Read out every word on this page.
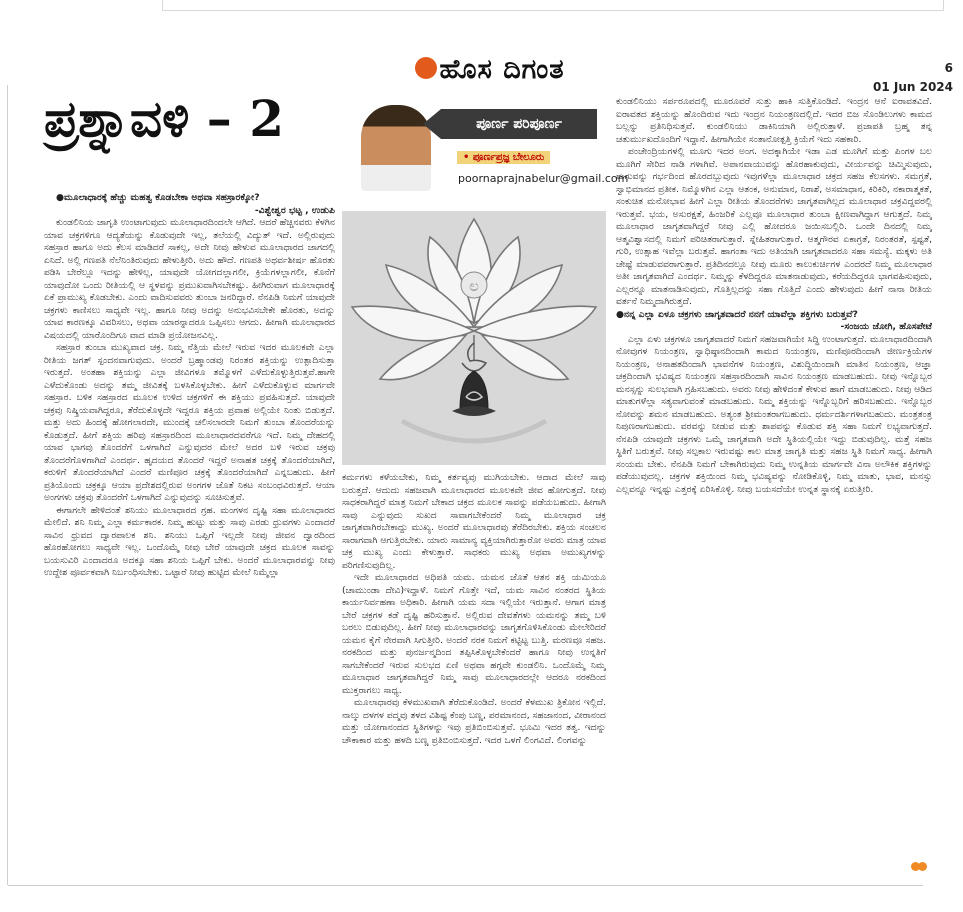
ಹೊಸ ದಿಗಂತ	6
01 Jun 2024
ಪ್ರಶ್ನಾವಳಿ – 2	ಪೂರ್ಣ ಪರಿಪೂರ್ಣ
• ಪೂರ್ಣಪ್ರಜ್ಞ ಬೇಲೂರು
poornaprajnabelur@gmail.com
ಲ

●ಮೂಲಾಧಾರಕ್ಕೆ ಹೆಚ್ಚು ಮಹತ್ವ ಕೊಡಬೇಕಾ ಅಥವಾ ಸಹಸ್ರಾರಕ್ಕೋ?

-ವಿಶ್ವೇಶ್ವರ ಭಟ್ಟ , ಉಡುಪಿ

ಕುಂಡಲಿನಿಯ ಜಾಗೃತಿ ಉಂಟಾಗುವುದು ಮೂಲಾಧಾರದಿಂದಲೇ ಆಗಿದೆ. ಆದರೆ ಹೆಚ್ಚಿನವರು ಕೆಳಗಿನ ಯಾವ ಚಕ್ರಗಳಿಗೂ ಆದ್ಯತೆಯನ್ನು ಕೊಡುವುದೇ ಇಲ್ಲ, ತಲೆಯಲ್ಲಿ ವಿದ್ಯುತ್ ಇದೆ. ಅಲ್ಲಿರುವುದು ಸಹಸ್ರಾರ ಹಾಗೂ ಅದು ಕೆಲಸ ಮಾಡಿದರೆ ಸಾಕಲ್ಲ, ಅದೇ ನೀವು ಹೇಳುವ ಮೂಲಾಧಾರದ ಜಾಗದಲ್ಲಿ ಏನಿದೆ. ಅಲ್ಲಿ ಗಣಪತಿ ನೆಲೆನಿಂತಿರುವುದು ಹೇಳುತ್ತೀರಿ. ಅದು ಹೌದೆ. ಗಣಪತಿ ಅಥರ್ವಶೀರ್ಷ ಹೊರತು ಪಡಿಸಿ ಬೇರೆಲ್ಲೂ ಇದನ್ನು ಹೇಳಿಲ್ಲ, ಯಾವುದೇ ಯೋಗದಲ್ಲಾಗಲೀ, ಕ್ರಿಯೆಗಳಲ್ಲಾಗಲೀ, ಕೊನೆಗೆ ಯಾವುದೋ ಒಂದು ರೀತಿಯಲ್ಲಿ ಆ ಸ್ಥಳವನ್ನು ಪ್ರಮುಖವಾಗಿಸಬೇಕಷ್ಟು. ಹೀಗಿರುವಾಗ ಮೂಲಾಧಾರಕ್ಕೆ ಏಕೆ ಪ್ರಾಮುಖ್ಯ ಕೊಡಬೇಕು. ಎಂದು ವಾದಿಸುವವರು ತುಂಬಾ ಜನರಿದ್ದಾರೆ. ನೆನಪಿಡಿ ನಿಮಗೆ ಯಾವುದೇ ಚಕ್ರಗಳು ಕಾಣಿಸಲು ಸಾಧ್ಯವೇ ಇಲ್ಲ. ಹಾಗೂ ನೀವು ಅದನ್ನು ಅನುಭವಿಸಬೇಕೇ ಹೊರತು, ಅದನ್ನು ಯಾವ ಕಾರಣಕ್ಕೂ ವಿವರಿಸಲು, ಅಥವಾ ಯಾರನ್ನಾದರೂ ಒಪ್ಪಿಸಲು ಆಗದು. ಹೀಗಾಗಿ ಮೂಲಾಧಾರದ ವಿಷಯದಲ್ಲಿ ಯಾರೊಂದಿಗೂ ವಾದ ಮಾಡಿ ಪ್ರಯೋಜನವಿಲ್ಲ.

ಸಹಸ್ರಾರ ತುಂಬಾ ಮುಖ್ಯವಾದ ಚಕ್ರ. ನಿಮ್ಮ ನೆತ್ತಿಯ ಮೇಲೆ ಇರುವ ಇದರ ಮೂಲಕವೇ ಎಲ್ಲಾ ರೀತಿಯ ಜಗತ್ ಸ್ಪಂದನವಾಗುವುದು. ಅಂದರೆ ಬ್ರಹ್ಮಾಂಡವು ನಿರಂತರ ಶಕ್ತಿಯನ್ನು ಉತ್ಪಾದಿಸುತ್ತಾ ಇರುತ್ತದೆ. ಅಂತಹಾ ಶಕ್ತಿಯನ್ನು ಎಲ್ಲಾ ಜೀವಿಗಳೂ ತಮ್ಮೊಳಗೆ ಎಳೆದುಕೊಳ್ಳುತ್ತಿರುತ್ತವೆ.ಹಾಗೇ ಎಳೆದುಕೊಂಡು ಅದನ್ನು ತಮ್ಮ ಜೀವಿತಕ್ಕೆ ಬಳಸಿಕೊಳ್ಳಬೇಕು. ಹೀಗೆ ಎಳೆದುಕೊಳ್ಳುವ ಮಾರ್ಗವೇ ಸಹಸ್ರಾರ. ಬಳಿಕ ಸಹಸ್ರಾರದ ಮೂಲಕ ಉಳಿದ ಚಕ್ರಗಳಿಗೆ ಈ ಶಕ್ತಿಯು ಪ್ರವಹಿಸುತ್ತದೆ. ಯಾವುದೇ ಚಕ್ರವು ನಿಷ್ಕ್ರಿಯವಾಗಿದ್ದರೂ, ತೆರೆದುಕೊಳ್ಳದೇ ಇದ್ದರೂ ಶಕ್ತಿಯ ಪ್ರವಾಹ ಅಲ್ಲಿಯೇ ನಿಂತು ಬಿಡುತ್ತದೆ. ಮತ್ತು ಅದು ಹಿಂದಕ್ಕೆ ಹೋಗಲಾರದೇ, ಮುಂದಕ್ಕೆ ಚಲಿಸಲಾರದೇ ನಿಮಗೆ ತುಂಬಾ ತೊಂದರೆಯನ್ನು ಕೊಡುತ್ತದೆ. ಹೀಗೆ ಶಕ್ತಿಯ ಹರಿವು ಸಹಸ್ರಾರದಿಂದ ಮೂಲಾಧಾರದವರೆಗೂ ಇದೆ. ನಿಮ್ಮ ದೇಹದಲ್ಲಿ ಯಾವ ಭಾಗವು ತೊಂದರೆಗೆ ಒಳಗಾಗಿದೆ ಎನ್ನುವುದರ ಮೇಲೆ ಅದರ ಬಳಿ ಇರುವ ಚಕ್ರವು ತೊಂದರೆಗೊಳಗಾಗಿದೆ ಎಂದರ್ಥ. ಹೃದಯದ ತೊಂದರೆ ಇದ್ದರೆ ಅನಾಹತ ಚಕ್ರಕ್ಕೆ ತೊಂದರೆಯಾಗಿದೆ, ಕರುಳಿಗೆ ತೊಂದರೆಯಾಗಿದೆ ಎಂದರೆ ಮಣಿಪೂರ ಚಕ್ರಕ್ಕೆ ತೊಂದರೆಯಾಗಿದೆ ಎನ್ನಬಹುದು. ಹೀಗೆ ಪ್ರತಿಯೊಂದು ಚಕ್ರಕ್ಕೂ ಆಯಾ ಪ್ರದೇಶದಲ್ಲಿರುವ ಅಂಗಗಳ ಜೊತೆ ನಿಕಟ ಸಂಬಂಧವಿರುತ್ತದೆ. ಆಯಾ ಅಂಗಗಳು ಚಕ್ರವು ತೊಂದರೆಗೆ ಒಳಗಾಗಿದೆ ಎನ್ನುವುದನ್ನು ಸೂಚಿಸುತ್ತವೆ.

ಈಗಾಗಲೇ ಹೇಳಿದಂತೆ ಶನಿಯು ಮೂಲಾಧಾರದ ಗ್ರಹ. ಮಂಗಳನ ದೃಷ್ಟಿ ಸಹಾ ಮೂಲಾಧಾರದ ಮೇಲಿದೆ. ಶನಿ ನಿಮ್ಮ ಎಲ್ಲಾ ಕರ್ಮಕಾರಕ. ನಿಮ್ಮ ಹುಟ್ಟು ಮತ್ತು ಸಾವು ಎರಡು ಧ್ರುವಗಳು ಎಂದಾದರೆ ಸಾವಿನ ಧ್ರುವದ ದ್ವಾರಪಾಲಕ ಶನಿ. ಶನಿಯು ಒಪ್ಪಿಗೆ ಇಲ್ಲದೇ ನೀವು ಜೀವನ ದ್ವಾರದಿಂದ ಹೊರಹೋಗಲು ಸಾಧ್ಯವೇ ಇಲ್ಲ. ಒಂದೊಮ್ಮೆ ನೀವು ಬೇರೆ ಯಾವುದೇ ಚಕ್ರದ ಮೂಲಕ ಸಾವನ್ನು ಬಯಸುವಿರಿ ಎಂದಾದರೂ ಅದಕ್ಕೂ ಸಹಾ ಶನಿಯ ಒಪ್ಪಿಗೆ ಬೇಕು. ಅಂದರೆ ಮೂಲಾಧಾರವನ್ನು ನೀವು ಉದ್ದೇಶ ಪೂರ್ವಕವಾಗಿ ನಿರ್ಬಂಧಿಸಬೇಕು. ಒಟ್ಟಾರೆ ನೀವು ಹುಟ್ಟಿದ ಮೇಲೆ ನಿಮ್ಮೆಲ್ಲಾ

ಕರ್ಮಗಳು ಕಳೆಯಬೇಕು, ನಿಮ್ಮ ಕರ್ತವ್ಯವು ಮುಗಿಯಬೇಕು. ಆದಾದ ಮೇಲೆ ಸಾವು ಬರುತ್ತದೆ. ಆದುದು ಸಹಜವಾಗಿ ಮೂಲಾಧಾರದ ಮೂಲಕವೇ ಜೀವ ಹೋಗುತ್ತದೆ. ನೀವು ಸಾಧಕರಾಗಿದ್ದರೆ ಮಾತ್ರ ನಿಮಗೆ ಬೇಕಾದ ಚಕ್ರದ ಮೂಲಕ ಸಾವನ್ನು ಪಡೆಯಬಹುದು. ಹೀಗಾಗಿ ಸಾವು ಎನ್ನುವುದು ಸುಖದ ಸಾವಾಗಬೇಕೆಂದರೆ ನಿಮ್ಮ ಮೂಲಾಧಾರ ಚಕ್ರ ಜಾಗೃತವಾಗಿರಬೇಕಾದ್ದು ಮುಖ್ಯ. ಅಂದರೆ ಮೂಲಾಧಾರವು ತೆರೆದಿರಬೇಕು. ಶಕ್ತಿಯ ಸಂಚಲನ ಸಾರಾಗವಾಗಿ ಆಗುತ್ತಿರಬೇಕು. ಯಾರು ಸಾಮಾನ್ಯ ವ್ಯಕ್ತಿಯಾಗಿರುತ್ತಾರೋ ಅವರು ಮಾತ್ರ ಯಾವ ಚಕ್ರ ಮುಖ್ಯ ಎಂದು ಕೇಳುತ್ತಾರೆ. ಸಾಧಕರು ಮುಖ್ಯ ಅಥವಾ ಅಮುಖ್ಯಗಳನ್ನು ಪರಿಗಣಿಸುವುದಿಲ್ಲ.

ಇದೇ ಮೂಲಾಧಾರದ ಅಧಿಪತಿ ಯಮ. ಯಮನ ಜೊತೆ ಆತನ ಶಕ್ತಿ ಯಮಿಯೂ (ಚಾಮುಂಡಾ ದೇವಿ)ಇದ್ದಾಳೆ. ನಿಮಗೆ ಗೊತ್ತೇ ಇದೆ, ಯಮ ಸಾವಿನ ನಂತರದ ಸ್ಥಿತಿಯ ಕಾರ್ಯನಿರ್ವಹಣಾ ಅಧಿಕಾರಿ. ಹೀಗಾಗಿ ಯಮ ಸದಾ ಇಲ್ಲಿಯೇ ಇರುತ್ತಾನೆ. ಆಗಾಗ ಮಾತ್ರ ಬೇರೆ ಚಕ್ರಗಳ ಕಡೆ ದೃಷ್ಟಿ ಹರಿಸುತ್ತಾನೆ. ಅಲ್ಲಿರುವ ದೇವತೆಗಳು ಯಮನನ್ನು ತಮ್ಮ ಬಳಿ ಬರಲು ಬಿಡುವುದಿಲ್ಲ. ಹೀಗೆ ನೀವು ಮೂಲಾಧಾರವನ್ನು ಜಾಗೃತಗೊಳಿಸಿಕೊಂಡು ಮೇಲೇರಿದರೆ ಯಮನ ಕೈಗೆ ನೇರವಾಗಿ ಸಿಗುತ್ತೀರಿ. ಅಂದರೆ ನರಕ ನಿಮಗೆ ಕಟ್ಟಿಟ್ಟ ಬುತ್ತಿ. ಮರಣವೂ ಸಹಜ. ನರಕದಿಂದ ಮತ್ತು ಪುನರ್ಜನ್ಮದಿಂದ ತಪ್ಪಿಸಿಕೊಳ್ಳಬೇಕೆಂದರೆ ಹಾಗೂ ನೀವು ಉನ್ನತಿಗೆ ಸಾಗಬೇಕೆಂದರೆ ಇರುವ ಸುಲಭದ ಏಣಿ ಅಥವಾ ಹಗ್ಗವೇ ಕುಂಡಲಿನಿ. ಒಂದೊಮ್ಮೆ ನಿಮ್ಮ ಮೂಲಾಧಾರ ಜಾಗೃತವಾಗಿದ್ದರೆ ನಿಮ್ಮ ಸಾವು ಮೂಲಾಧಾರದಲ್ಲೇ ಆದರೂ ನರಕದಿಂದ ಮುಕ್ತರಾಗಲು ಸಾಧ್ಯ.

ಮೂಲಾಧಾರವು ಕೆಳಮುಖವಾಗಿ ತೆರೆದುಕೊಂಡಿದೆ. ಅಂದರೆ ಕೆಳಮುಖ ತ್ರಿಕೋನ ಇಲ್ಲಿದೆ. ನಾಲ್ಕು ದಳಗಳ ಪದ್ಮವು ತಳದ ವಿಶಿಷ್ಟ ಕೆಂಪು ಬಣ್ಣ, ಪರಮಾನಂದ, ಸಹಜಾನಂದ, ವೀರಾನಂದ ಮತ್ತು ಯೋಗಾನಂದದ ಸ್ಥಿತಿಗಳನ್ನು ಇವು ಪ್ರತಿಬಿಂಬಿಸುತ್ತವೆ. ಭೂಮಿ ಇದರ ತತ್ವ. ಇದನ್ನು ಚೌಕಾಕಾರ ಮತ್ತು ಹಳದಿ ಬಣ್ಣ ಪ್ರತಿಬಿಂಬಿಸುತ್ತದೆ. ಇದರ ಒಳಗೆ ಲಿಂಗವಿದೆ. ಲಿಂಗವನ್ನು

ಕುಂಡಲಿನಿಯು ಸರ್ಪರೂಪದಲ್ಲಿ ಮೂರೂವರೆ ಸುತ್ತು ಹಾಕಿ ಸುತ್ತಿಕೊಂಡಿದೆ. ಇಂದ್ರನ ಆನೆ ಐರಾವತವಿದೆ. ಐರಾವತದ ಶಕ್ತಿಯನ್ನು ಹೊಂದಿರುವ ಇದು ಇಂದ್ರನ ನಿಯಂತ್ರಣದಲ್ಲಿದೆ. ಇದರ ಬಿಜ ಸೊಂಡಿಲುಗಳು ಕಾಮದ ಬಲ್ಲನ್ನು ಪ್ರತಿನಿಧಿಸುತ್ತವೆ. ಕುಂಡಲಿನಿಯು ಡಾಕಿನಿಯಾಗಿ ಅಲ್ಲಿರುತ್ತಾಳೆ. ಪ್ರಜಾಪತಿ ಬ್ರಹ್ಮ ತನ್ನ ಚತುರ್ಮುಖದೊಂದಿಗೆ ಇದ್ದಾನೆ. ಹೀಗಾಗಿಯೇ ಸಂತಾನೋತ್ಪತ್ತಿ ಕ್ರಿಯೆಗೆ ಇದು ಸಹಕಾರಿ.

ಪಂಚೇಂದ್ರಿಯಗಳಲ್ಲಿ ಮೂಗು ಇದರ ಅಂಗ. ಅದಕ್ಕಾಗಿಯೇ ಇಡಾ ಎಡ ಮೂಗಿಗೆ ಮತ್ತು ಪಿಂಗಳ ಬಲ ಮೂಗಿಗೆ ಸೇರಿದ ನಾಡಿ ಗಳಾಗಿವೆ. ಅಪಾನವಾಯುವನ್ನು ಹೊರಹಾಕುವುದು, ವೀರ್ಯವನ್ನು ಚಿಮ್ಮಿಸುವುದು, ಮಗುವನ್ನು ಗರ್ಭದಿಂದ ಹೊರದಬ್ಬುವುದು ಇವುಗಳೆಲ್ಲಾ ಮೂಲಾಧಾರ ಚಕ್ರದ ಸಹಜ ಕೆಲಸಗಳು. ಸಮಗ್ರತೆ, ಸ್ವಾಭಿಮಾನದ ಪ್ರತೀಕ. ನಿಮ್ಮೊಳಗಿನ ಎಲ್ಲಾ ಆತಂಕ, ಅನುಮಾನ, ನಿರಾಶೆ, ಅಸಮಾಧಾನ, ಕಿರಿಕಿರಿ, ನಕಾರಾತ್ಮಕತೆ, ಸಂಕುಚಿತ ಮನೋಭಾವ ಹೀಗೆ ಎಲ್ಲಾ ರೀತಿಯ ತೊಂದರೆಗಳು ಜಾಗೃತವಾಗಿಲ್ಲದ ಮೂಲಾಧಾರ ಚಕ್ರವಿದ್ದವರಲ್ಲಿ ಇರುತ್ತವೆ. ಭಯ, ಅಸುರಕ್ಷತೆ, ಹಿಂಜರಿಕೆ ಎಲ್ಲವೂ ಮೂಲಾಧಾರ ತುಂಬಾ ಕ್ಷೀಣವಾಗಿದ್ದಾಗ ಆಗುತ್ತದೆ. ನಿಮ್ಮ ಮೂಲಾಧಾರ ಜಾಗೃತವಾಗಿದ್ದರೆ ನೀವು ಎಲ್ಲಿ ಹೋದರೂ ಜಯಿಸಬಲ್ಲಿರಿ. ಒಂದೇ ದಿನದಲ್ಲಿ ನಿಮ್ಮ ಆತ್ಮವಿಶ್ವಾಸದಲ್ಲಿ ನಿಮಗೆ ಪರಿಚಿತರಾಗುತ್ತಾರೆ. ಸ್ನೇಹಿತರಾಗುತ್ತಾರೆ. ಆತ್ಮಗೌರವ ಏಕಾಗ್ರತೆ, ನಿರಂತರತೆ, ಸ್ಪಷ್ಟತೆ, ಗುರಿ, ಉತ್ಸಾಹ ಇವೆಲ್ಲಾ ಬರುತ್ತವೆ. ಹಾಗಂತಾ ಇದು ಅತಿಯಾಗಿ ಜಾಗೃತವಾದರೂ ಸಹಾ ಸಮಸ್ಯೆ. ಮಕ್ಕಳು ಅತಿ ಚೇಷ್ಟೆ ಮಾಡುವವರಾಗುತ್ತಾರೆ. ಪ್ರತಿದಿನದಲ್ಲೂ ನೀವು ಮೂರು ಕಾಲುಕುರ್ಚಿಗಳ ಎಂದರದೆ ನಿಮ್ಮ ಮೂಲಾಧಾರ ಅತೀ ಜಾಗೃತವಾಗಿದೆ ಎಂದರ್ಥ. ನಿಮ್ಮನ್ನು ಕೆಳದಿದ್ದರೂ ಮಾತನಾಡುವುದು, ಕರೆಯದಿದ್ದರೂ ಭಾಗವಹಿಸುವುದು, ಎಲ್ಲರನ್ನೂ ಮಾತನಾಡಿಸುವುದು, ಗೊತ್ತಿಲ್ಲದನ್ನು ಸಹಾ ಗೊತ್ತಿದೆ ಎಂದು ಹೇಳುವುದು ಹೀಗೆ ನಾನಾ ರೀತಿಯ ವರ್ತನೆ ನಿಮ್ಮದಾಗಿರುತ್ತದೆ.

●ನನ್ನ ಎಲ್ಲಾ ಏಳೂ ಚಕ್ರಗಳು ಜಾಗೃತವಾದರೆ ನನಗೆ ಯಾವೆಲ್ಲಾ ಶಕ್ತಿಗಳು ಬರುತ್ತವೆ?

-ಸಂಜಯ ಜೋಗಿ, ಹೊಸಪೇಟೆ

ಎಲ್ಲಾ ಏಳು ಚಕ್ರಗಳೂ ಜಾಗೃತವಾದರೆ ನಿಮಗೆ ಸಹಜವಾಗಿಯೇ ಸಿದ್ಧಿ ಉಂಟಾಗುತ್ತದೆ. ಮೂಲಾಧಾರದಿಂದಾಗಿ ನೋವುಗಳ ನಿಯಂತ್ರಣ, ಸ್ವಾಧಿಷ್ಠಾನದಿಂದಾಗಿ ಕಾಮದ ನಿಯಂತ್ರಣ, ಮಣಿಪೂರದಿಂದಾಗಿ ಜೀರ್ಣಕ್ರಿಯೆಗಳ ನಿಯಂತ್ರಣ, ಅನಾಹತದಿಂದಾಗಿ ಭಾವನೆಗಳ ನಿಯಂತ್ರಣ, ವಿಶುದ್ಧಿಯಿಂದಾಗಿ ಮಾತಿನ ನಿಯಂತ್ರಣ, ಆಜ್ಞಾ ಚಕ್ರದಿಂದಾಗಿ ಭವಿಷ್ಯದ ನಿಯಂತ್ರಣ ಸಹಸ್ರಾರದಿಂದಾಗಿ ಸಾವಿನ ನಿಯಂತ್ರಣ ಮಾಡಬಹುದು. ನೀವು ಇನ್ನೊಬ್ಬರ ಮನಸ್ಸನ್ನು ಸುಲಭವಾಗಿ ಗ್ರಹಿಸಬಹುದು. ಅವರು ನೀವು ಹೇಳಿದಂತೆ ಕೇಳುವ ಹಾಗೆ ಮಾಡಬಹುದು. ನೀವು ಆಡಿದ ಮಾತುಗಳೆಲ್ಲಾ ಸತ್ಯವಾಗುವಂತೆ ಮಾಡಬಹುದು. ನಿಮ್ಮ ಶಕ್ತಿಯನ್ನು ಇನ್ನೊಬ್ಬರಿಗೆ ಹರಿಸಬಹುದು. ಇನ್ನೊಬ್ಬರ ನೋವನ್ನು ಶಮನ ಮಾಡಬಹುದು. ಅತ್ಯಂತ ಶ್ರೀಮಂತರಾಗಬಹುದು. ಧರ್ಮದರ್ಶಿಗಳಾಗಬಹುದು. ಮಂತ್ರತಂತ್ರ ನಿಪುಣರಾಗಬಹುದು. ವರವನ್ನು ನೀಡುವ ಮತ್ತು ಶಾಪವನ್ನು ಕೊಡುವ ಶಕ್ತಿ ಸಹಾ ನಿಮಗೆ ಲಭ್ಯವಾಗುತ್ತದೆ. ನೆನಪಿಡಿ ಯಾವುದೇ ಚಕ್ರಗಳು ಒಮ್ಮೆ ಜಾಗೃತವಾಗಿ ಅದೇ ಸ್ಥಿತಿಯಲ್ಲಿಯೇ ಇದ್ದು ಬಿಡುವುದಿಲ್ಲ. ಮತ್ತೆ ಸಹಜ ಸ್ಥಿತಿಗೆ ಬರುತ್ತವೆ. ನೀವು ಸಲ್ಪಕಾಲ ಇರುವಷ್ಟು ಕಾಲ ಮಾತ್ರ ಜಾಗೃತಿ ಮತ್ತು ಸಹಜ ಸ್ಥಿತಿ ನಿಮಗೆ ಸಾಧ್ಯ. ಹೀಗಾಗಿ ಸಂಯಮ ಬೇಕು. ನೆನಪಿಡಿ ನಿಮಗೆ ಬೇಕಾಗಿರುವುದು ನಿಮ್ಮ ಉನ್ನತಿಯ ಮಾರ್ಗವೇ ವಿನಾ ಅಲೌಕಿಕ ಶಕ್ತಿಗಳನ್ನು ಪಡೆಯುವುದಲ್ಲ. ಚಕ್ರಗಳ ಶಕ್ತಿಯಿಂದ ನಿಮ್ಮ ಭವಿಷ್ಯವನ್ನು ನೋಡಿಕೊಳ್ಳಿ, ನಿಮ್ಮ ಮಾತು, ಭಾವ, ಮನಸ್ಸು ಎಲ್ಲವನ್ನೂ ಇನ್ನಷ್ಟು ಎತ್ತರಕ್ಕೆ ಏರಿಸಿಕೊಳ್ಳಿ. ನೀವು ಬಯಸದೆಯೇ ಉನ್ನತ ಸ್ಥಾನಕ್ಕೆ ಏರುತ್ತೀರಿ.
